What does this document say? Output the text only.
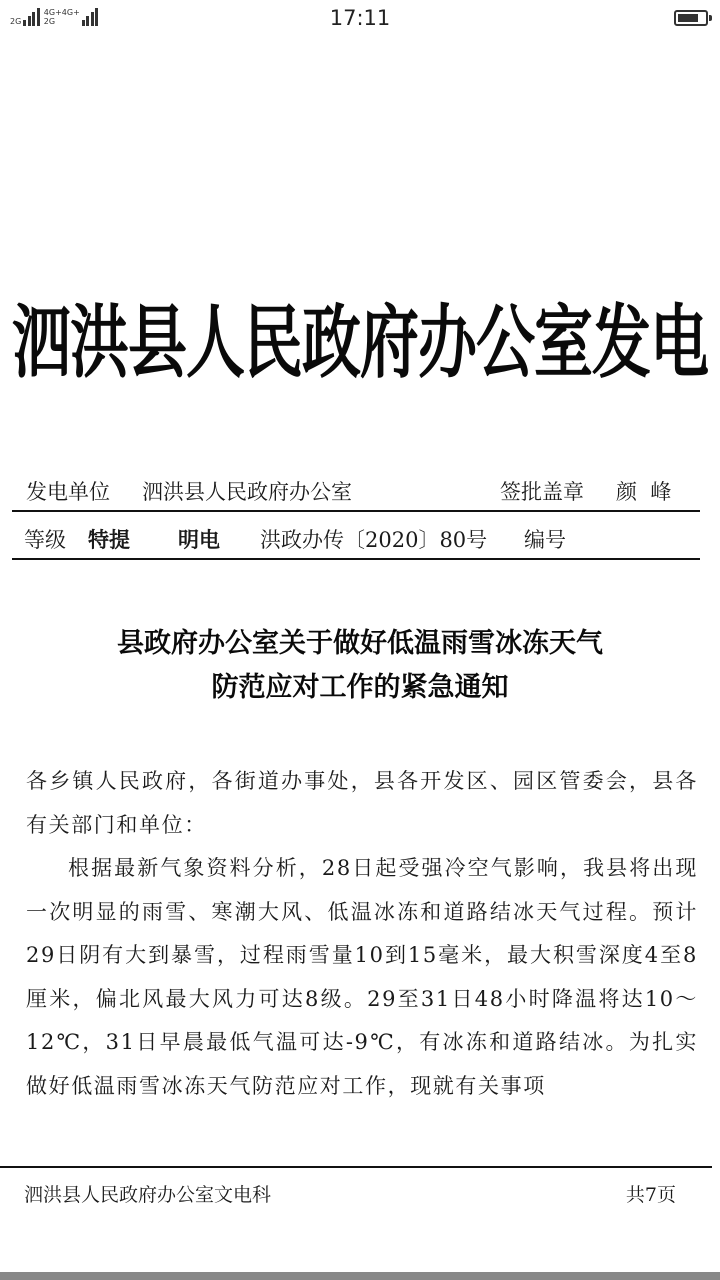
2G
4G+4G+
2G	17:11
泗洪县人民政府办公室发电
发电单位 泗洪县人民政府办公室	签批盖章 颜  峰
等级 特提 明电 洪政办传〔2020〕80号 编号
县政府办公室关于做好低温雨雪冰冻天气
防范应对工作的紧急通知

各乡镇人民政府，各街道办事处，县各开发区、园区管委会，县各有关部门和单位：

根据最新气象资料分析，28日起受强冷空气影响，我县将出现一次明显的雨雪、寒潮大风、低温冰冻和道路结冰天气过程。预计29日阴有大到暴雪，过程雨雪量10到15毫米，最大积雪深度4至8厘米，偏北风最大风力可达8级。29至31日48小时降温将达10～12℃，31日早晨最低气温可达-9℃，有冰冻和道路结冰。为扎实做好低温雨雪冰冻天气防范应对工作，现就有关事项

泗洪县人民政府办公室文电科	共7页
